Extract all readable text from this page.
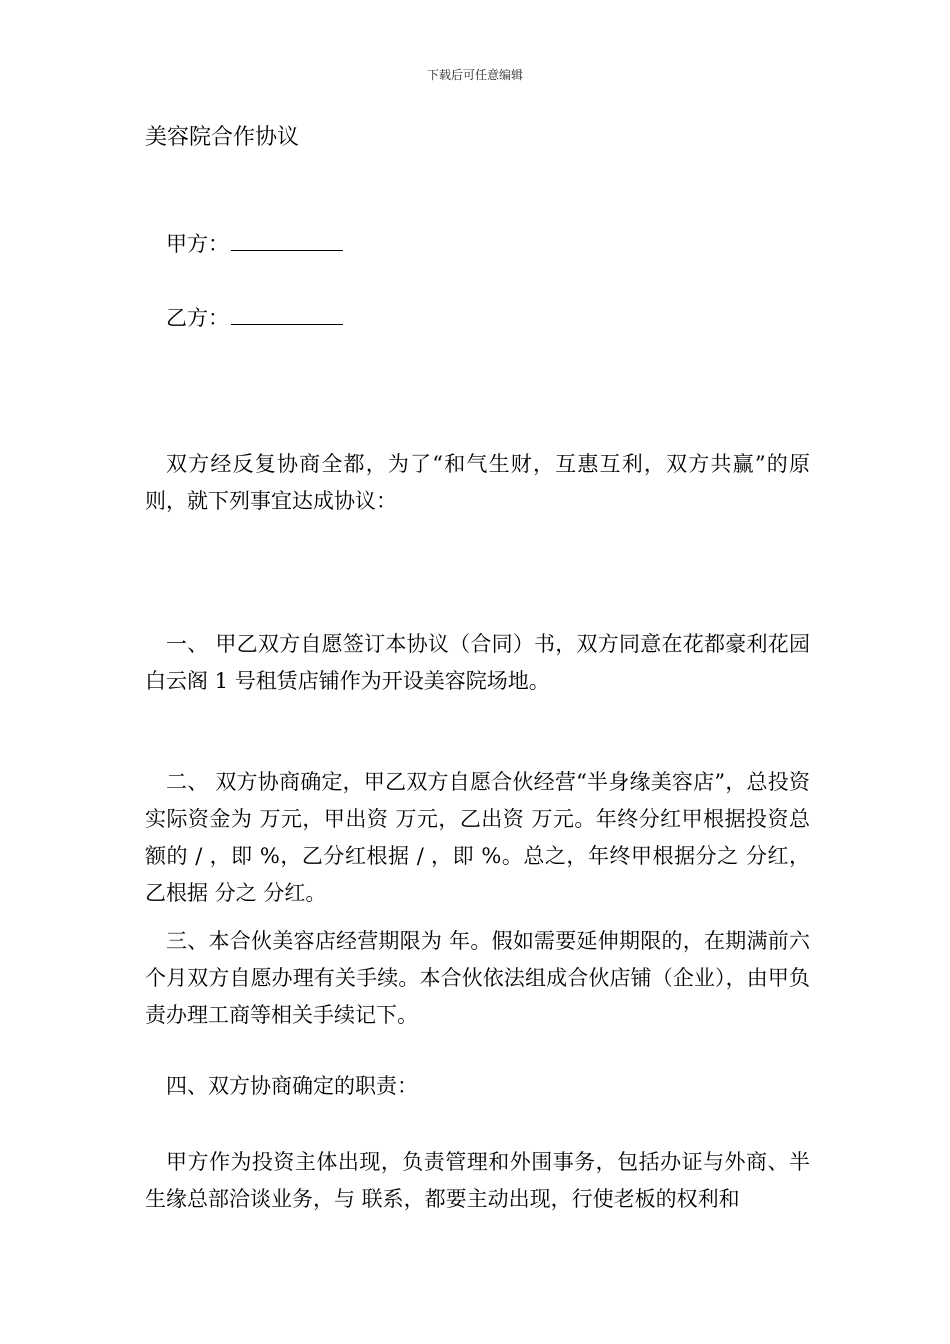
下载后可任意编辑
美容院合作协议
甲方：
乙方：

双方经反复协商全都，为了“和气生财，互惠互利，双方共赢”的原则，就下列事宜达成协议：

一、 甲乙双方自愿签订本协议（合同）书，双方同意在花都豪利花园白云阁 1 号租赁店铺作为开设美容院场地。

二、 双方协商确定，甲乙双方自愿合伙经营“半身缘美容店”，总投资实际资金为 万元，甲出资 万元，乙出资 万元。年终分红甲根据投资总额的 / ，即 %，乙分红根据 / ，即 %。总之，年终甲根据分之 分红，乙根据 分之 分红。

三、本合伙美容店经营期限为 年。假如需要延伸期限的，在期满前六个月双方自愿办理有关手续。本合伙依法组成合伙店铺（企业），由甲负责办理工商等相关手续记下。

四、双方协商确定的职责：

甲方作为投资主体出现，负责管理和外围事务，包括办证与外商、半生缘总部洽谈业务，与 联系，都要主动出现，行使老板的权利和
